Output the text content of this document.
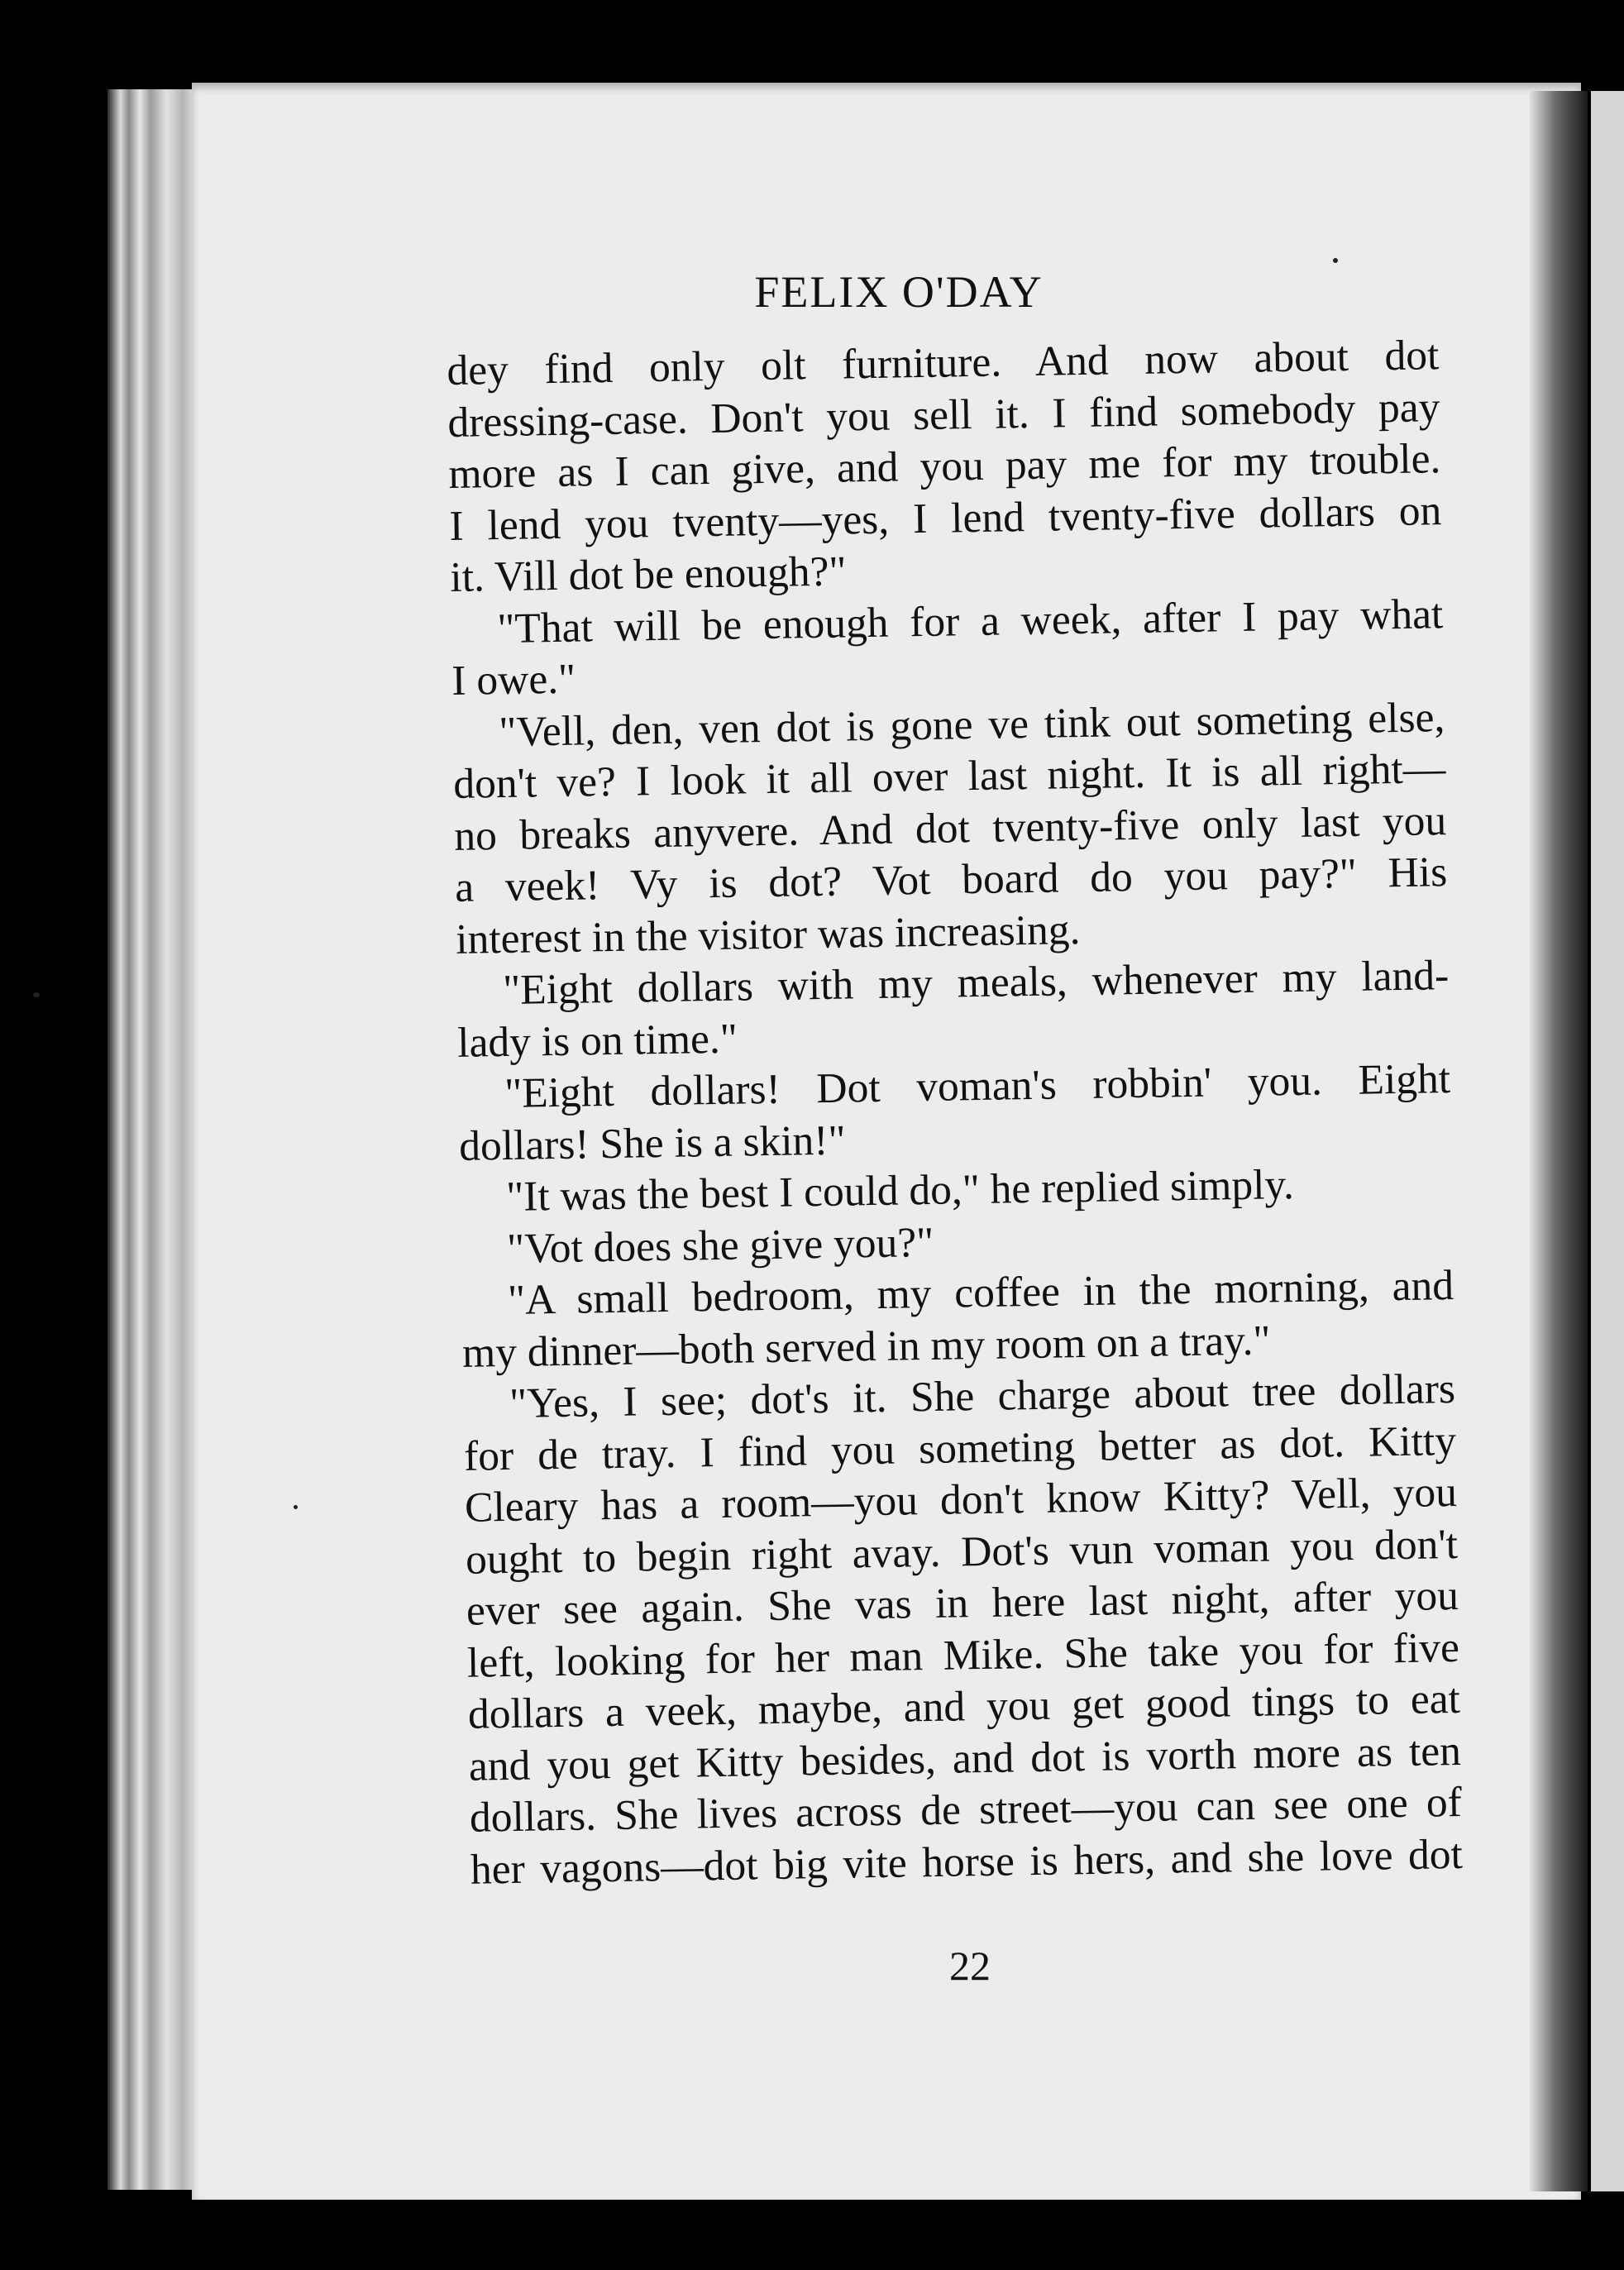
FELIX O'DAY
dey find only olt furniture. And now about dot
dressing-case. Don't you sell it. I find somebody pay
more as I can give, and you pay me for my trouble.
I lend you tventy—yes, I lend tventy-five dollars on
it. Vill dot be enough?"
"That will be enough for a week, after I pay what
I owe."
"Vell, den, ven dot is gone ve tink out someting else,
don't ve? I look it all over last night. It is all right—
no breaks anyvere. And dot tventy-five only last you
a veek! Vy is dot? Vot board do you pay?" His
interest in the visitor was increasing.
"Eight dollars with my meals, whenever my land-
lady is on time."
"Eight dollars! Dot voman's robbin' you. Eight
dollars! She is a skin!"
"It was the best I could do," he replied simply.
"Vot does she give you?"
"A small bedroom, my coffee in the morning, and
my dinner—both served in my room on a tray."
"Yes, I see; dot's it. She charge about tree dollars
for de tray. I find you someting better as dot. Kitty
Cleary has a room—you don't know Kitty? Vell, you
ought to begin right avay. Dot's vun voman you don't
ever see again. She vas in here last night, after you
left, looking for her man Mike. She take you for five
dollars a veek, maybe, and you get good tings to eat
and you get Kitty besides, and dot is vorth more as ten
dollars. She lives across de street—you can see one of
her vagons—dot big vite horse is hers, and she love dot
22
